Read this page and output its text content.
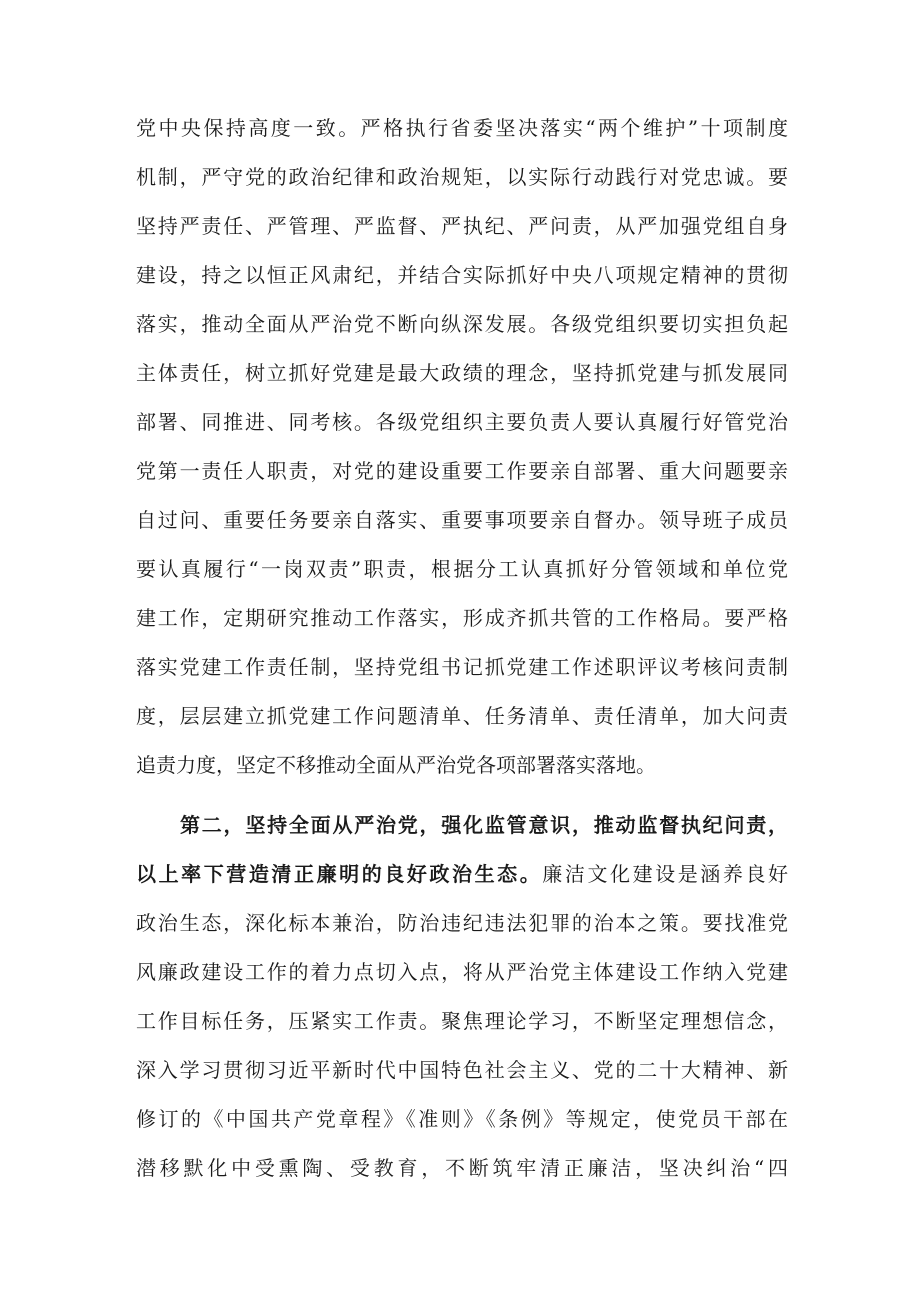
党中央保持高度一致。严格执行省委坚决落实“两个维护”十项制度
机制，严守党的政治纪律和政治规矩，以实际行动践行对党忠诚。要
坚持严责任、严管理、严监督、严执纪、严问责，从严加强党组自身
建设，持之以恒正风肃纪，并结合实际抓好中央八项规定精神的贯彻
落实，推动全面从严治党不断向纵深发展。各级党组织要切实担负起
主体责任，树立抓好党建是最大政绩的理念，坚持抓党建与抓发展同
部署、同推进、同考核。各级党组织主要负责人要认真履行好管党治
党第一责任人职责，对党的建设重要工作要亲自部署、重大问题要亲
自过问、重要任务要亲自落实、重要事项要亲自督办。领导班子成员
要认真履行“一岗双责”职责，根据分工认真抓好分管领域和单位党
建工作，定期研究推动工作落实，形成齐抓共管的工作格局。要严格
落实党建工作责任制，坚持党组书记抓党建工作述职评议考核问责制
度，层层建立抓党建工作问题清单、任务清单、责任清单，加大问责
追责力度，坚定不移推动全面从严治党各项部署落实落地。
第二，坚持全面从严治党，强化监管意识，推动监督执纪问责，
以上率下营造清正廉明的良好政治生态。廉洁文化建设是涵养良好
政治生态，深化标本兼治，防治违纪违法犯罪的治本之策。要找准党
风廉政建设工作的着力点切入点，将从严治党主体建设工作纳入党建
工作目标任务，压紧实工作责。聚焦理论学习，不断坚定理想信念，
深入学习贯彻习近平新时代中国特色社会主义、党的二十大精神、新
修订的《中国共产党章程》《准则》《条例》等规定，使党员干部在
潜移默化中受熏陶、受教育，不断筑牢清正廉洁，坚决纠治“四
